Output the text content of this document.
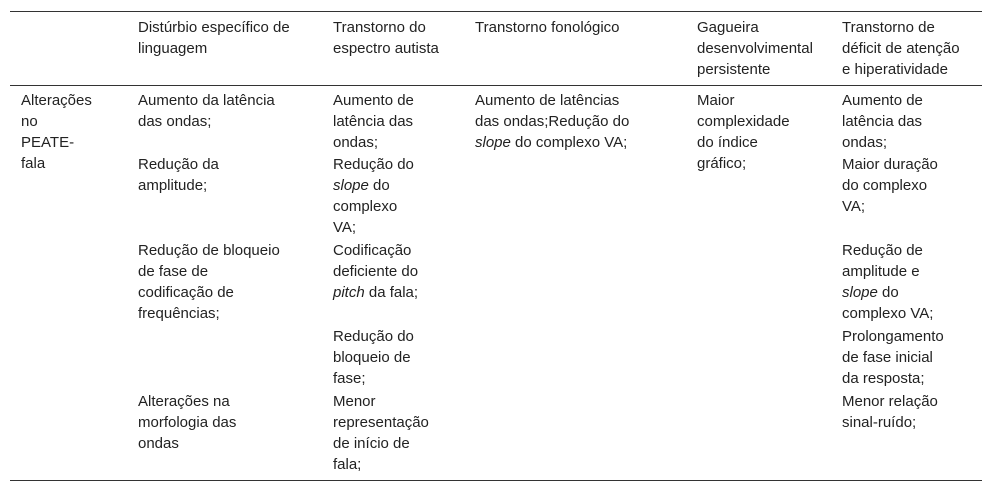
Distúrbio específico de
linguagem
Transtorno do
espectro autista
Transtorno fonológico	Gagueira
desenvolvimental
persistente
Transtorno de
déficit de atenção
e hiperatividade
Alterações
no
PEATE-
fala
Aumento da latência
das ondas;
Redução da
amplitude;
Redução de bloqueio
de fase de
codificação de
frequências;
Alterações na
morfologia das
ondas
Aumento de
latência das
ondas;
Redução do
slope do
complexo
VA;
Codificação
deficiente do
pitch da fala;
Redução do
bloqueio de
fase;
Menor
representação
de início de
fala;
Aumento de latências
das ondas;Redução do
slope do complexo VA;
Maior
complexidade
do índice
gráfico;
Aumento de
latência das
ondas;
Maior duração
do complexo
VA;
Redução de
amplitude e
slope do
complexo VA;
Prolongamento
de fase inicial
da resposta;
Menor relação
sinal-ruído;
